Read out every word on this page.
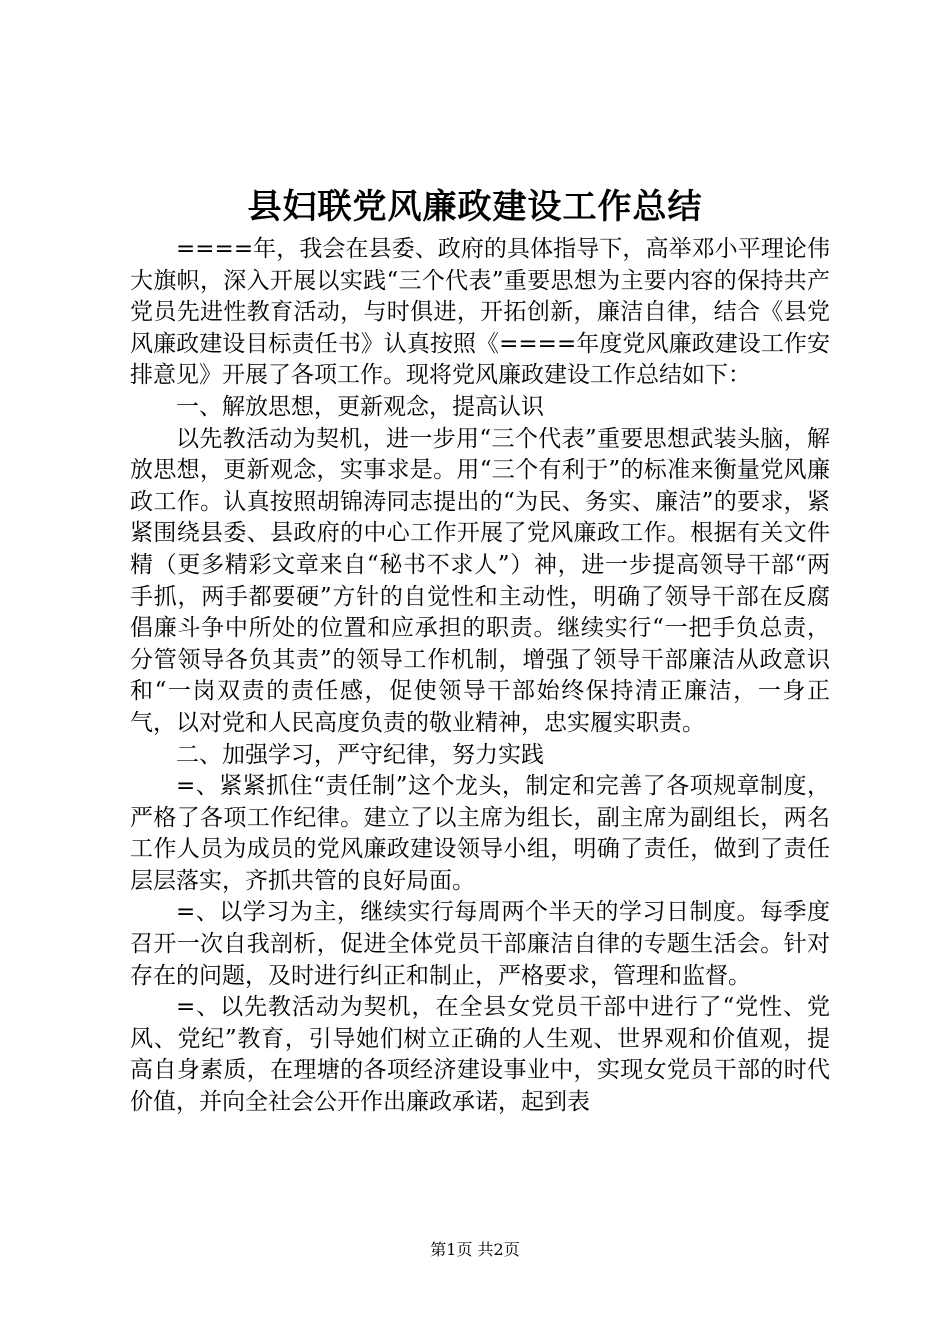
县妇联党风廉政建设工作总结

====年，我会在县委、政府的具体指导下，高举邓小平理论伟大旗帜，深入开展以实践“三个代表”重要思想为主要内容的保持共产党员先进性教育活动，与时俱进，开拓创新，廉洁自律，结合《县党风廉政建设目标责任书》认真按照《====年度党风廉政建设工作安排意见》开展了各项工作。现将党风廉政建设工作总结如下：

一、解放思想，更新观念，提高认识

以先教活动为契机，进一步用“三个代表”重要思想武装头脑，解放思想，更新观念，实事求是。用“三个有利于”的标准来衡量党风廉政工作。认真按照胡锦涛同志提出的“为民、务实、廉洁”的要求，紧紧围绕县委、县政府的中心工作开展了党风廉政工作。根据有关文件精（更多精彩文章来自“秘书不求人”）神，进一步提高领导干部“两手抓，两手都要硬”方针的自觉性和主动性，明确了领导干部在反腐倡廉斗争中所处的位置和应承担的职责。继续实行“一把手负总责，分管领导各负其责”的领导工作机制，增强了领导干部廉洁从政意识和“一岗双责的责任感，促使领导干部始终保持清正廉洁，一身正气，以对党和人民高度负责的敬业精神，忠实履实职责。

二、加强学习，严守纪律，努力实践

=、紧紧抓住“责任制”这个龙头，制定和完善了各项规章制度，严格了各项工作纪律。建立了以主席为组长，副主席为副组长，两名工作人员为成员的党风廉政建设领导小组，明确了责任，做到了责任层层落实，齐抓共管的良好局面。

=、以学习为主，继续实行每周两个半天的学习日制度。每季度召开一次自我剖析，促进全体党员干部廉洁自律的专题生活会。针对存在的问题，及时进行纠正和制止，严格要求，管理和监督。

=、以先教活动为契机，在全县女党员干部中进行了“党性、党风、党纪”教育，引导她们树立正确的人生观、世界观和价值观，提高自身素质，在理塘的各项经济建设事业中，实现女党员干部的时代价值，并向全社会公开作出廉政承诺，起到表

第1页 共2页
